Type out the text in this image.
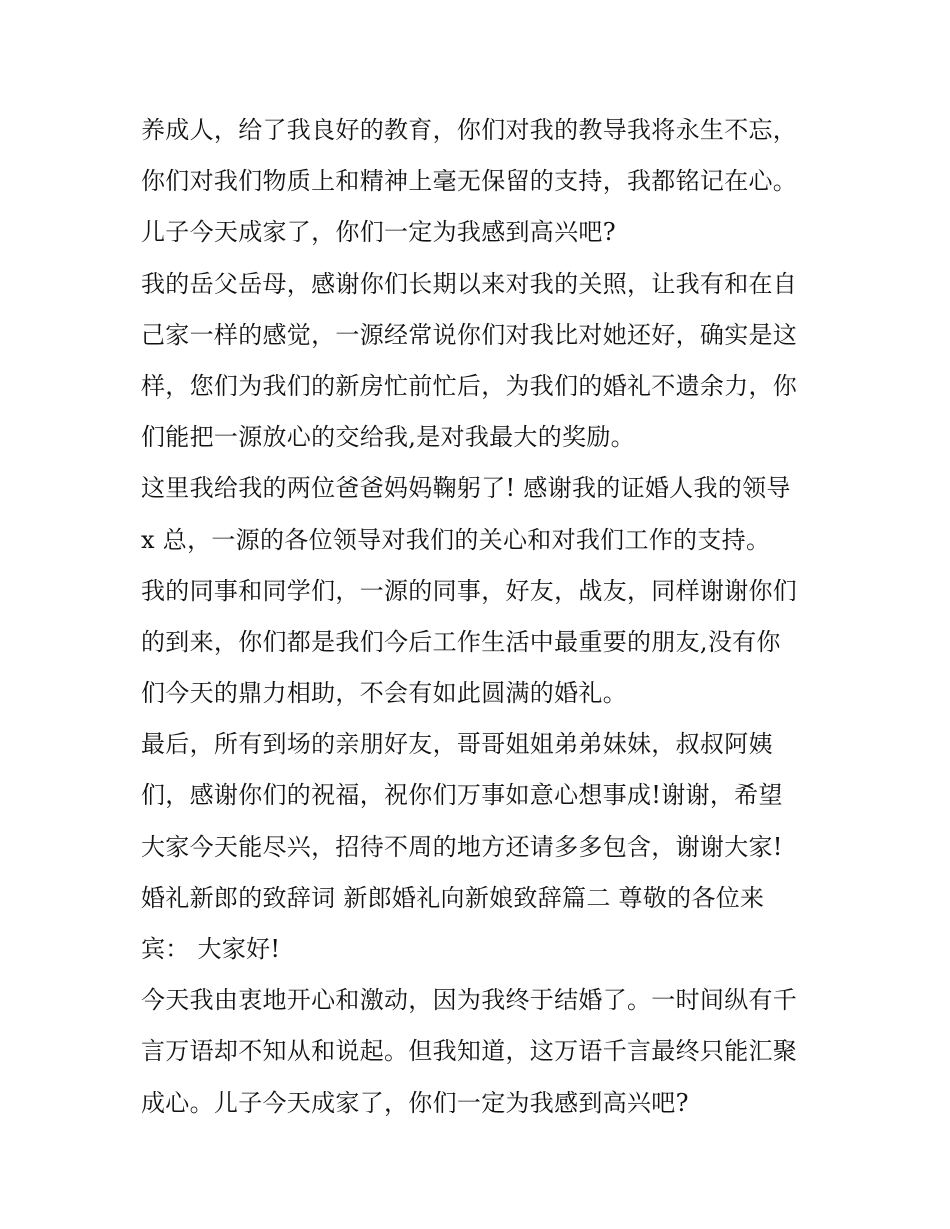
养成人，给了我良好的教育，你们对我的教导我将永生不忘，
你们对我们物质上和精神上毫无保留的支持，我都铭记在心。
儿子今天成家了，你们一定为我感到高兴吧?
我的岳父岳母，感谢你们长期以来对我的关照，让我有和在自
己家一样的感觉，一源经常说你们对我比对她还好，确实是这
样，您们为我们的新房忙前忙后，为我们的婚礼不遗余力，你
们能把一源放心的交给我,是对我最大的奖励。
这里我给我的两位爸爸妈妈鞠躬了! 感谢我的证婚人我的领导
x 总，一源的各位领导对我们的关心和对我们工作的支持。
我的同事和同学们，一源的同事，好友，战友，同样谢谢你们
的到来，你们都是我们今后工作生活中最重要的朋友,没有你
们今天的鼎力相助，不会有如此圆满的婚礼。
最后，所有到场的亲朋好友，哥哥姐姐弟弟妹妹，叔叔阿姨
们，感谢你们的祝福，祝你们万事如意心想事成!谢谢，希望
大家今天能尽兴，招待不周的地方还请多多包含，谢谢大家!
婚礼新郎的致辞词 新郎婚礼向新娘致辞篇二 尊敬的各位来
宾： 大家好!
今天我由衷地开心和激动，因为我终于结婚了。一时间纵有千
言万语却不知从和说起。但我知道，这万语千言最终只能汇聚
成心。儿子今天成家了，你们一定为我感到高兴吧?
